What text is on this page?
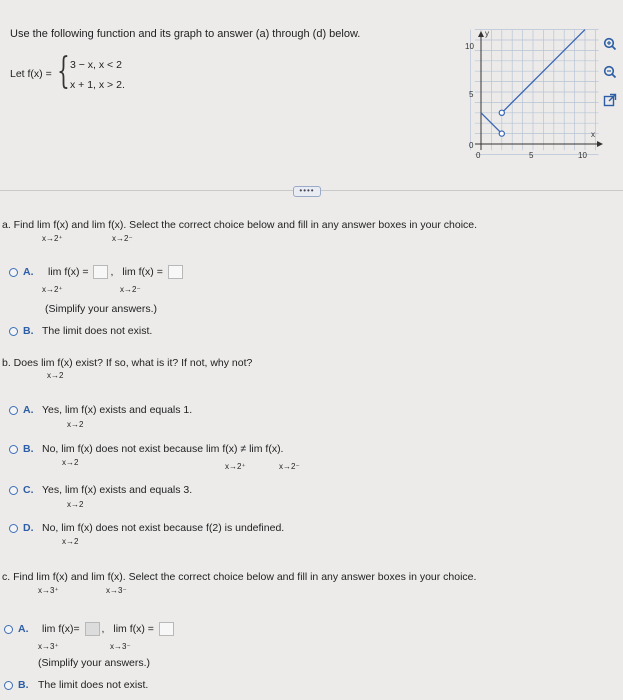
Use the following function and its graph to answer (a) through (d) below.
Let f(x) = { 3 − x, x < 2
x + 1, x > 2.
y
x
10
5
0
0	5	10
••••
a. Find lim f(x) and lim f(x). Select the correct choice below and fill in any answer boxes in your choice.
x→2⁺	x→2⁻
A. lim f(x) = , lim f(x) =
x→2⁺	x→2⁻
(Simplify your answers.)
B. The limit does not exist.
b. Does lim f(x) exist? If so, what is it? If not, why not?
x→2
A. Yes, lim f(x) exists and equals 1.
x→2
B. No, lim f(x) does not exist because lim f(x) ≠ lim f(x).
x→2	x→2⁺	x→2⁻
C. Yes, lim f(x) exists and equals 3.
x→2
D. No, lim f(x) does not exist because f(2) is undefined.
x→2
c. Find lim f(x) and lim f(x). Select the correct choice below and fill in any answer boxes in your choice.
x→3⁺	x→3⁻
A. lim f(x)= , lim f(x) =
x→3⁺	x→3⁻
(Simplify your answers.)
B. The limit does not exist.
